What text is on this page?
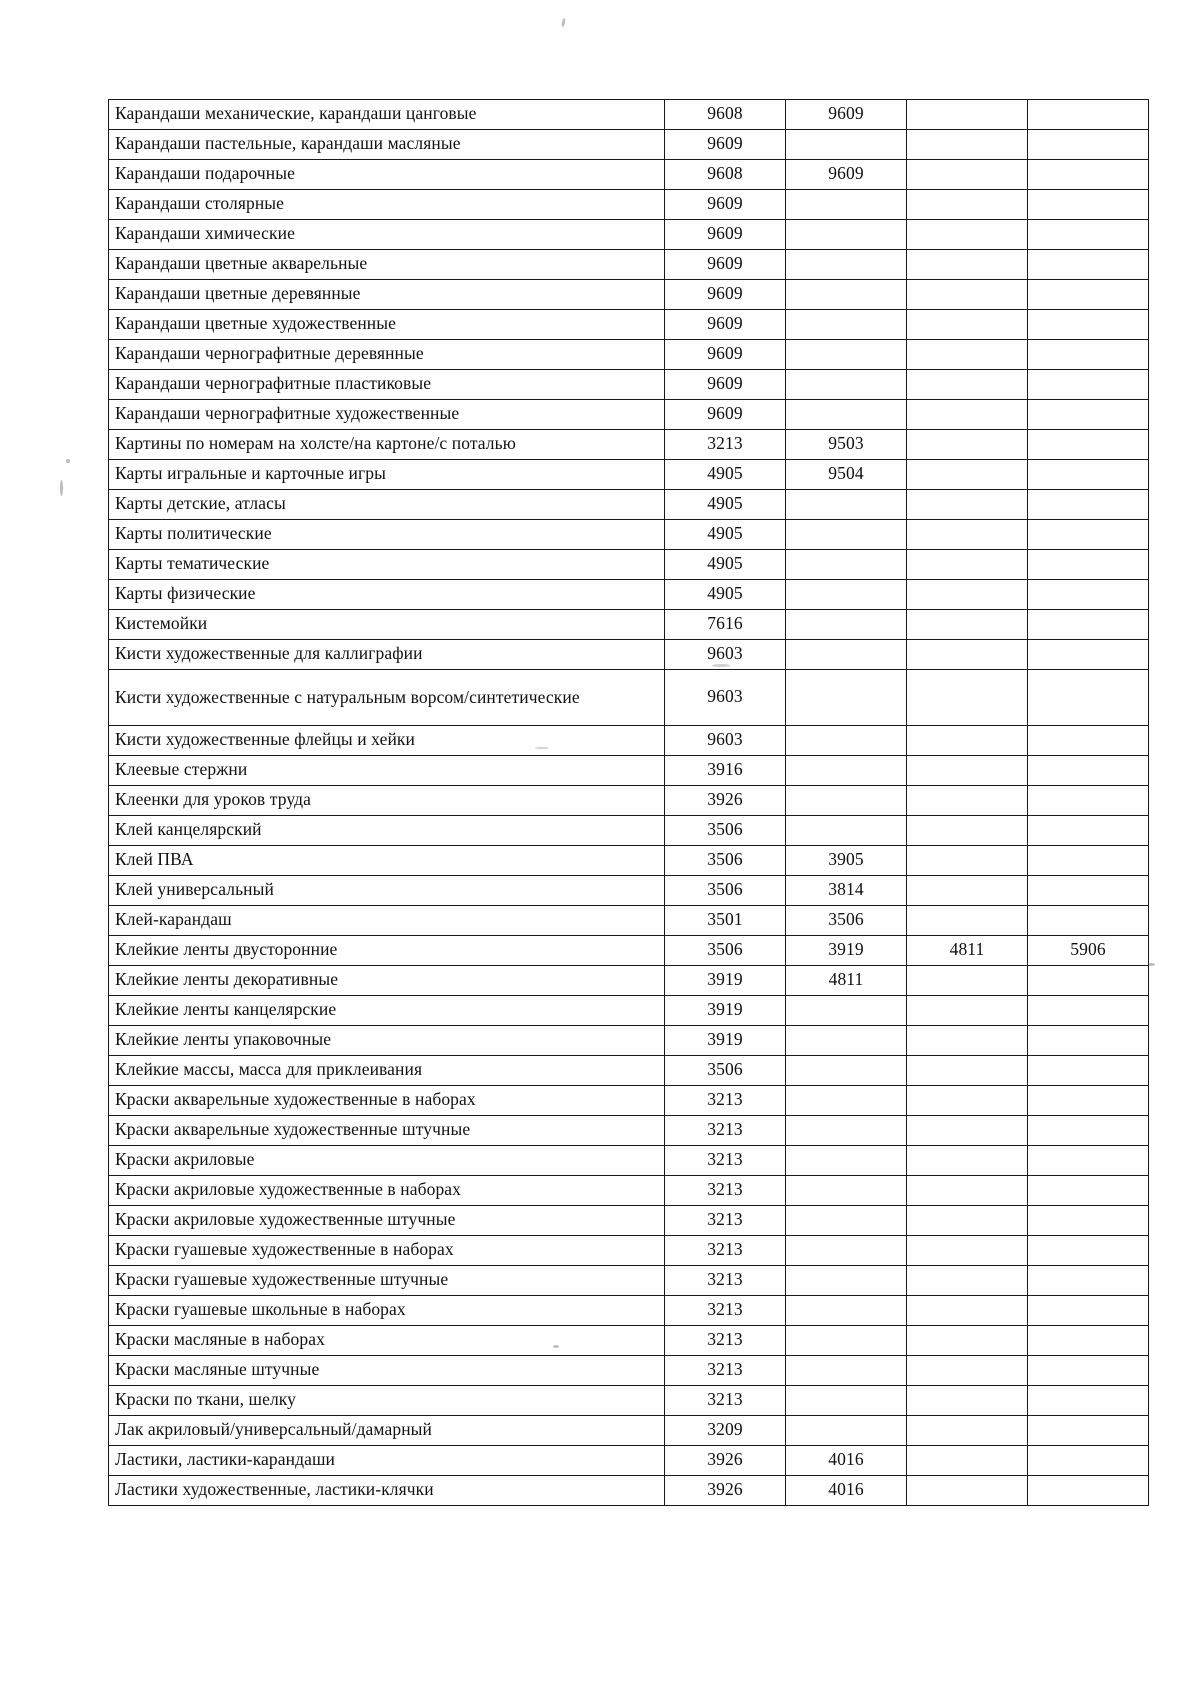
Карандаши механические, карандаши цанговые	9608	9609		
Карандаши пастельные, карандаши масляные	9609			
Карандаши подарочные	9608	9609		
Карандаши столярные	9609			
Карандаши химические	9609			
Карандаши цветные акварельные	9609			
Карандаши цветные деревянные	9609			
Карандаши цветные художественные	9609			
Карандаши чернографитные деревянные	9609			
Карандаши чернографитные пластиковые	9609			
Карандаши чернографитные художественные	9609			
Картины по номерам на холсте/на картоне/с поталью	3213	9503		
Карты игральные и карточные игры	4905	9504		
Карты детские, атласы	4905			
Карты политические	4905			
Карты тематические	4905			
Карты физические	4905			
Кистемойки	7616			
Кисти художественные для каллиграфии	9603			
Кисти художественные с натуральным ворсом/синтетические	9603			
Кисти художественные флейцы и хейки	9603			
Клеевые стержни	3916			
Клеенки для уроков труда	3926			
Клей канцелярский	3506			
Клей ПВА	3506	3905		
Клей универсальный	3506	3814		
Клей-карандаш	3501	3506		
Клейкие ленты двусторонние	3506	3919	4811	5906
Клейкие ленты декоративные	3919	4811		
Клейкие ленты канцелярские	3919			
Клейкие ленты упаковочные	3919			
Клейкие массы, масса для приклеивания	3506			
Краски акварельные художественные в наборах	3213			
Краски акварельные художественные штучные	3213			
Краски акриловые	3213			
Краски акриловые художественные в наборах	3213			
Краски акриловые художественные штучные	3213			
Краски гуашевые художественные в наборах	3213			
Краски гуашевые художественные штучные	3213			
Краски гуашевые школьные в наборах	3213			
Краски масляные в наборах	3213			
Краски масляные штучные	3213			
Краски по ткани, шелку	3213			
Лак акриловый/универсальный/дамарный	3209			
Ластики, ластики-карандаши	3926	4016		
Ластики художественные, ластики-клячки	3926	4016		
